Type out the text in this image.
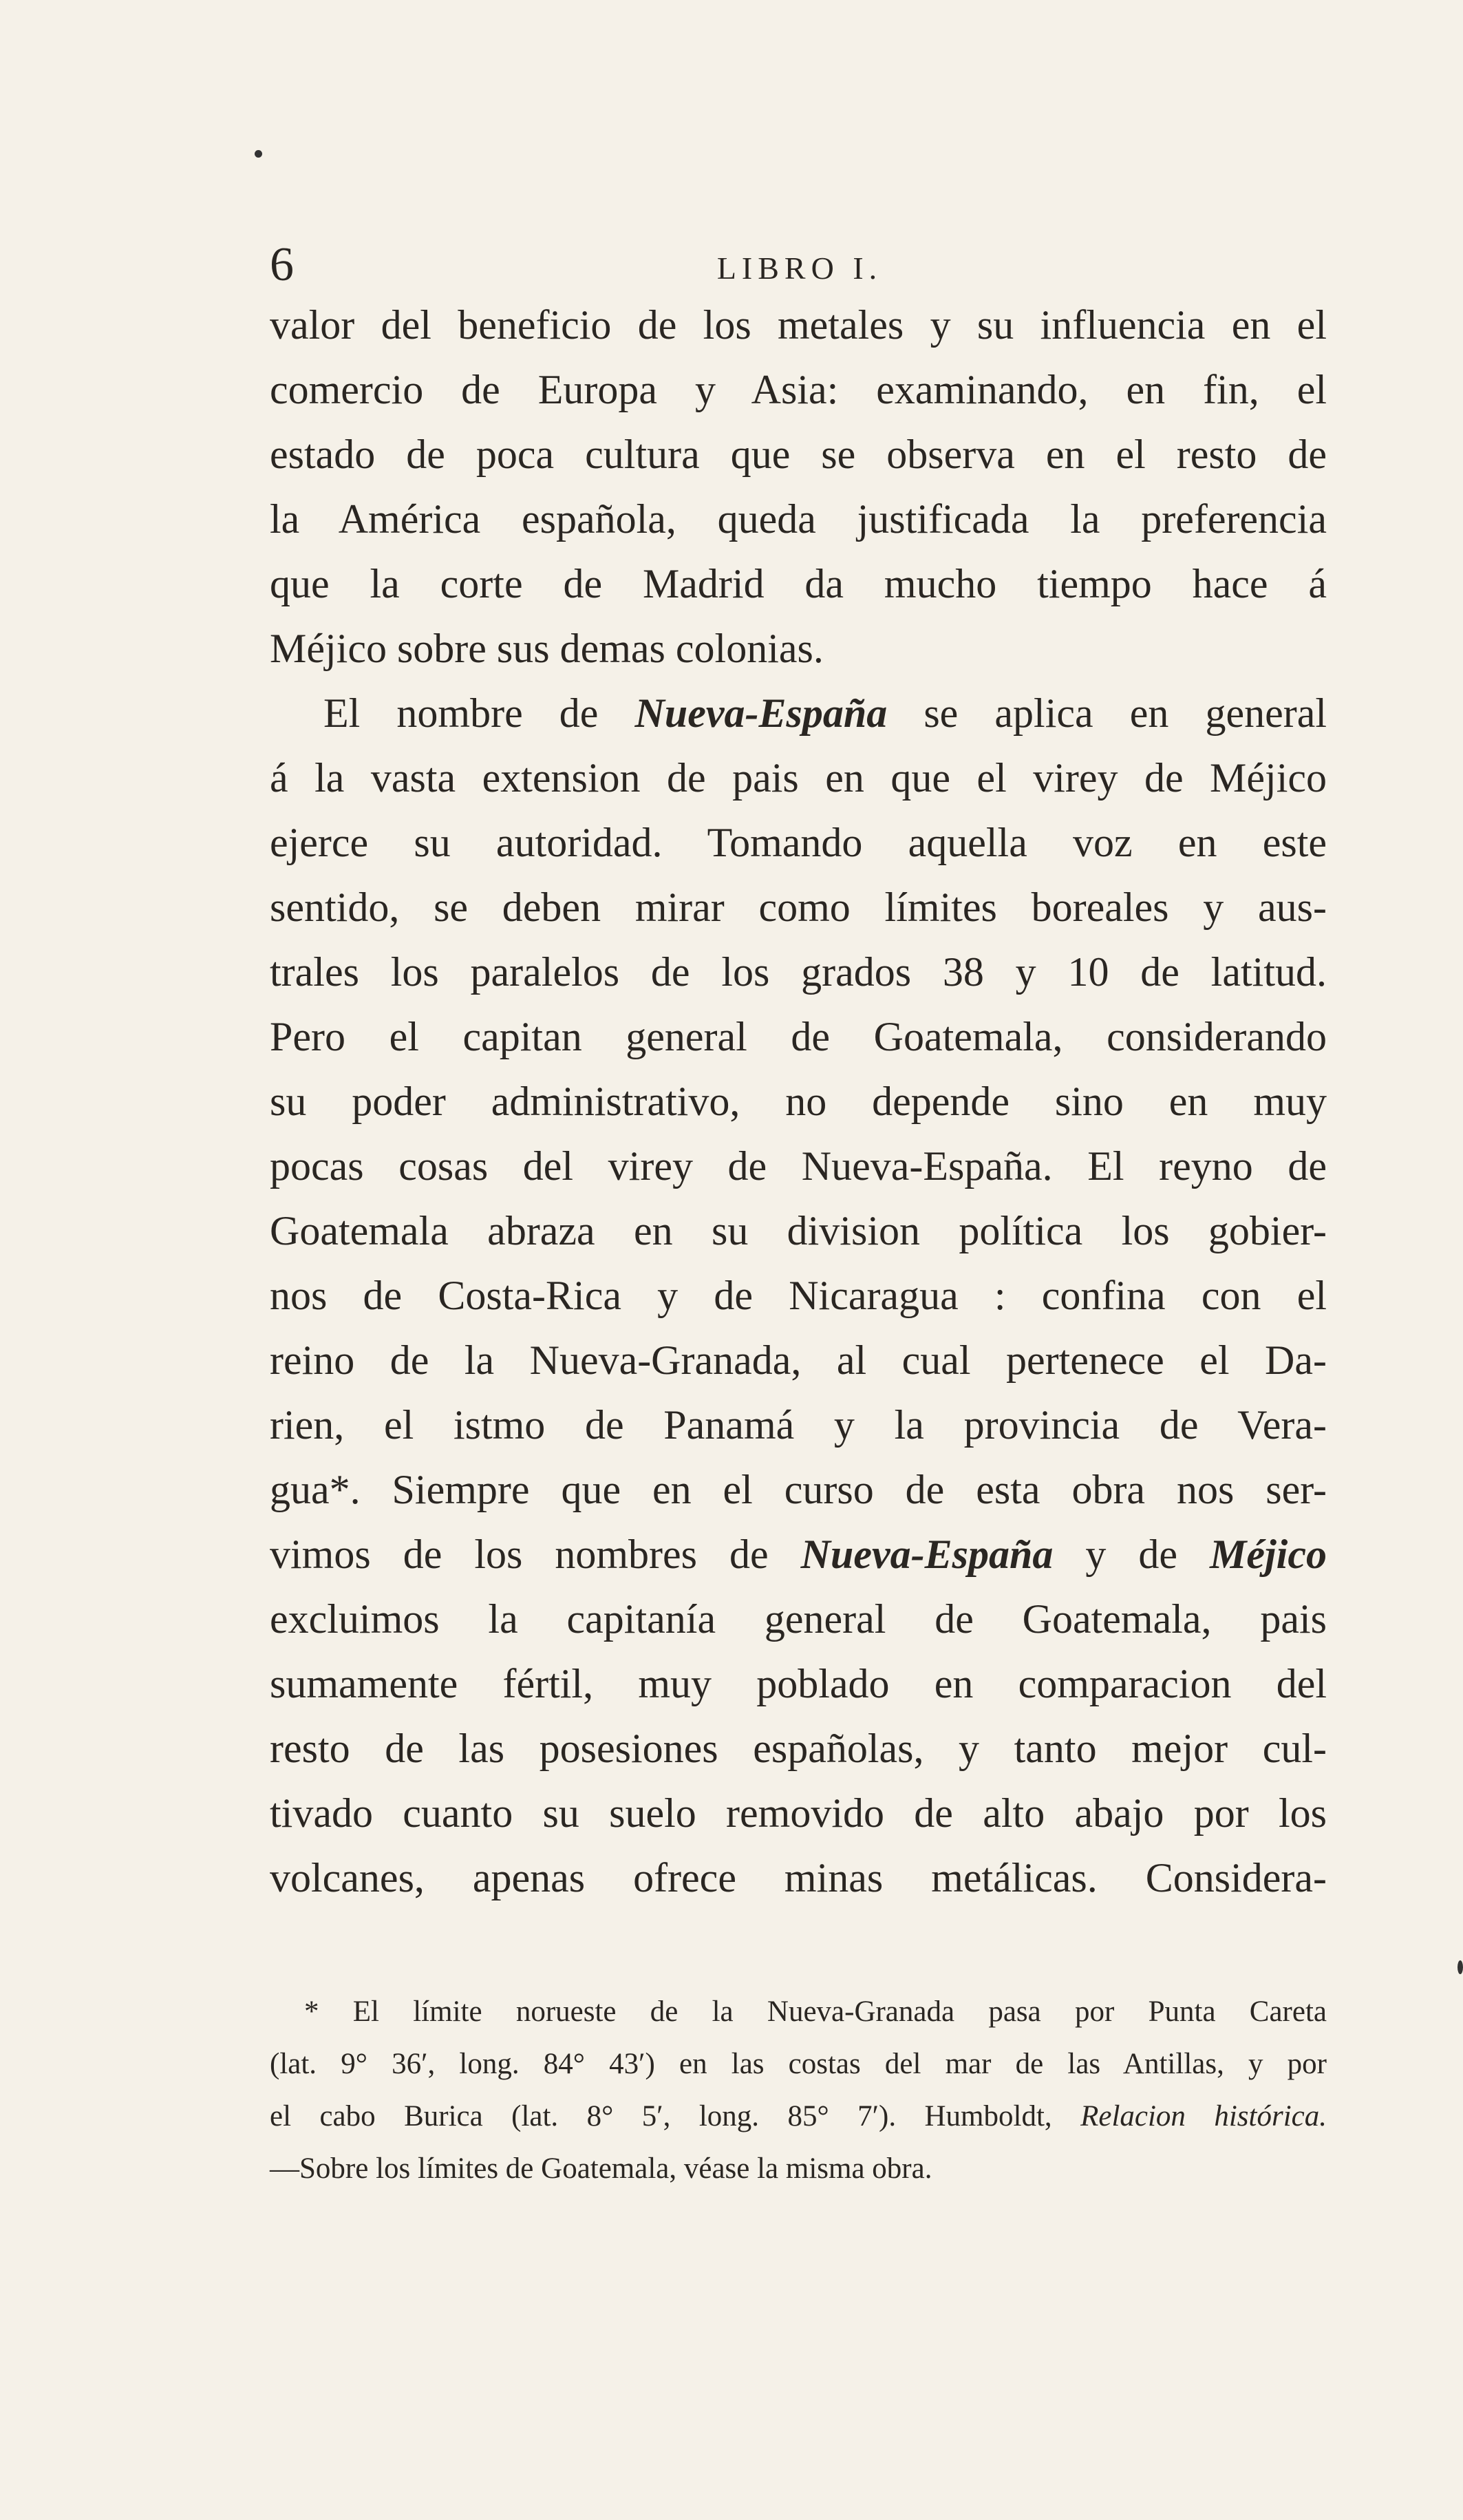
6	LIBRO I.
valor del beneficio de los metales y su influencia en el
comercio de Europa y Asia: examinando, en fin, el
estado de poca cultura que se observa en el resto de
la América española, queda justificada la preferencia
que la corte de Madrid da mucho tiempo hace á
Méjico sobre sus demas colonias.
El nombre de Nueva-España se aplica en general
á la vasta extension de pais en que el virey de Méjico
ejerce su autoridad. Tomando aquella voz en este
sentido, se deben mirar como límites boreales y aus-
trales los paralelos de los grados 38 y 10 de latitud.
Pero el capitan general de Goatemala, considerando
su poder administrativo, no depende sino en muy
pocas cosas del virey de Nueva-España. El reyno de
Goatemala abraza en su division política los gobier-
nos de Costa-Rica y de Nicaragua : confina con el
reino de la Nueva-Granada, al cual pertenece el Da-
rien, el istmo de Panamá y la provincia de Vera-
gua*. Siempre que en el curso de esta obra nos ser-
vimos de los nombres de Nueva-España y de Méjico
excluimos la capitanía general de Goatemala, pais
sumamente fértil, muy poblado en comparacion del
resto de las posesiones españolas, y tanto mejor cul-
tivado cuanto su suelo removido de alto abajo por los
volcanes, apenas ofrece minas metálicas. Considera-
* El límite norueste de la Nueva-Granada pasa por Punta Careta
(lat. 9° 36′, long. 84° 43′) en las costas del mar de las Antillas, y por
el cabo Burica (lat. 8° 5′, long. 85° 7′). Humboldt, Relacion histórica.
—Sobre los límites de Goatemala, véase la misma obra.
